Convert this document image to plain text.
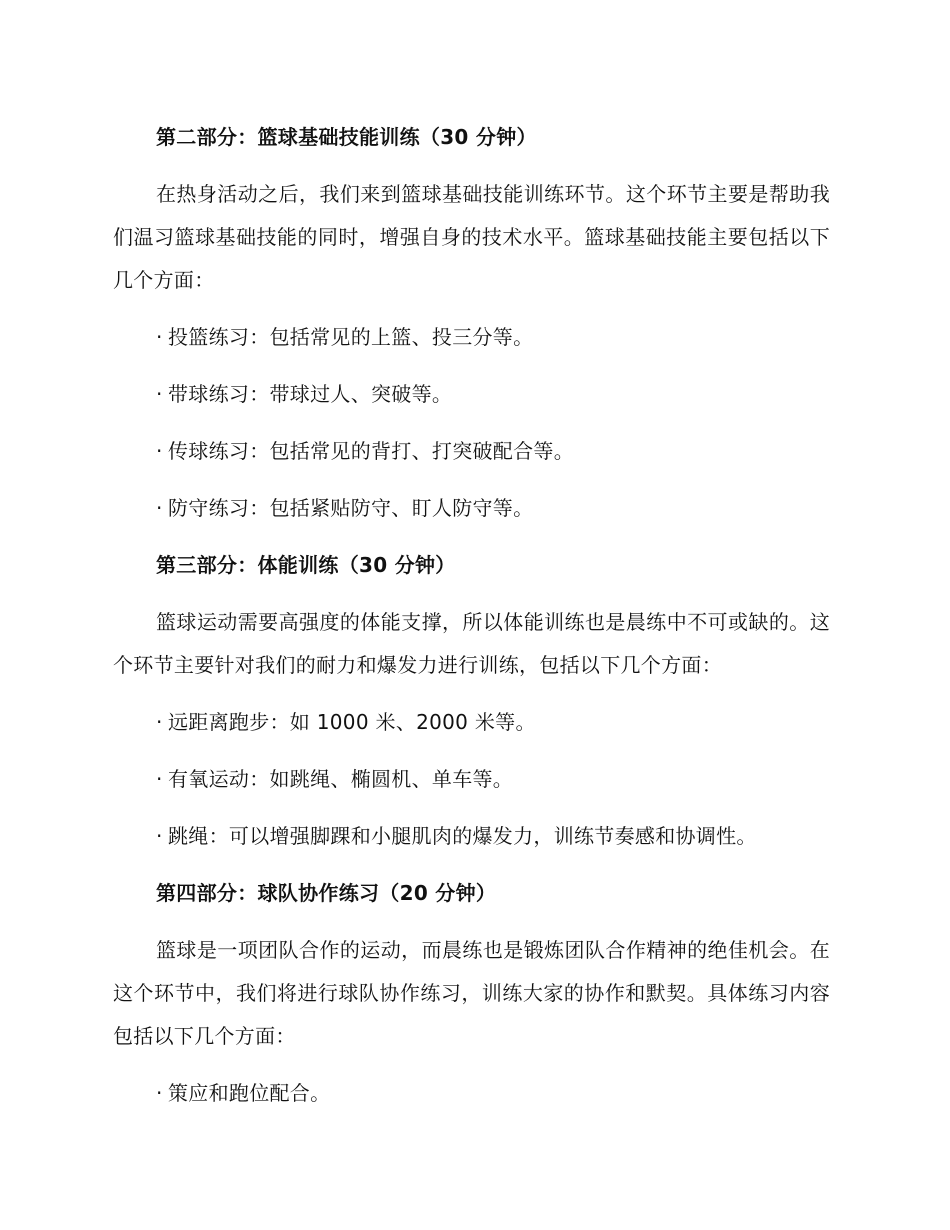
第二部分：篮球基础技能训练（30 分钟）

在热身活动之后，我们来到篮球基础技能训练环节。这个环节主要是帮助我们温习篮球基础技能的同时，增强自身的技术水平。篮球基础技能主要包括以下几个方面：

· 投篮练习：包括常见的上篮、投三分等。

· 带球练习：带球过人、突破等。

· 传球练习：包括常见的背打、打突破配合等。

· 防守练习：包括紧贴防守、盯人防守等。

第三部分：体能训练（30 分钟）

篮球运动需要高强度的体能支撑，所以体能训练也是晨练中不可或缺的。这个环节主要针对我们的耐力和爆发力进行训练，包括以下几个方面：

· 远距离跑步：如 1000 米、2000 米等。

· 有氧运动：如跳绳、椭圆机、单车等。

· 跳绳：可以增强脚踝和小腿肌肉的爆发力，训练节奏感和协调性。

第四部分：球队协作练习（20 分钟）

篮球是一项团队合作的运动，而晨练也是锻炼团队合作精神的绝佳机会。在这个环节中，我们将进行球队协作练习，训练大家的协作和默契。具体练习内容包括以下几个方面：

· 策应和跑位配合。
